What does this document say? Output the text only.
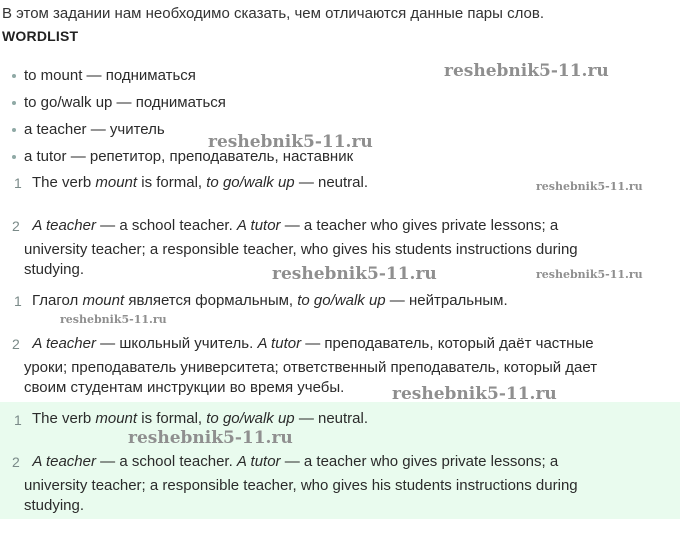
В этом задании нам необходимо сказать, чем отличаются данные пары слов.
WORDLIST
to mount — подниматься
to go/walk up — подниматься
a teacher — учитель
a tutor — репетитор, преподаватель, наставник
1 The verb mount is formal, to go/walk up — neutral.
2 A teacher — a school teacher. A tutor — a teacher who gives private lessons; a
university teacher; a responsible teacher, who gives his students instructions during
studying.
1 Глагол mount является формальным, to go/walk up — нейтральным.
2 A teacher — школьный учитель. A tutor — преподаватель, который даёт частные
уроки; преподаватель университета; ответственный преподаватель, который дает
своим студентам инструкции во время учебы.
1 The verb mount is formal, to go/walk up — neutral.
2 A teacher — a school teacher. A tutor — a teacher who gives private lessons; a
university teacher; a responsible teacher, who gives his students instructions during
studying.
reshebnik5-11.ru
reshebnik5-11.ru
reshebnik5-11.ru
reshebnik5-11.ru	reshebnik5-11.ru
reshebnik5-11.ru
reshebnik5-11.ru
reshebnik5-11.ru
